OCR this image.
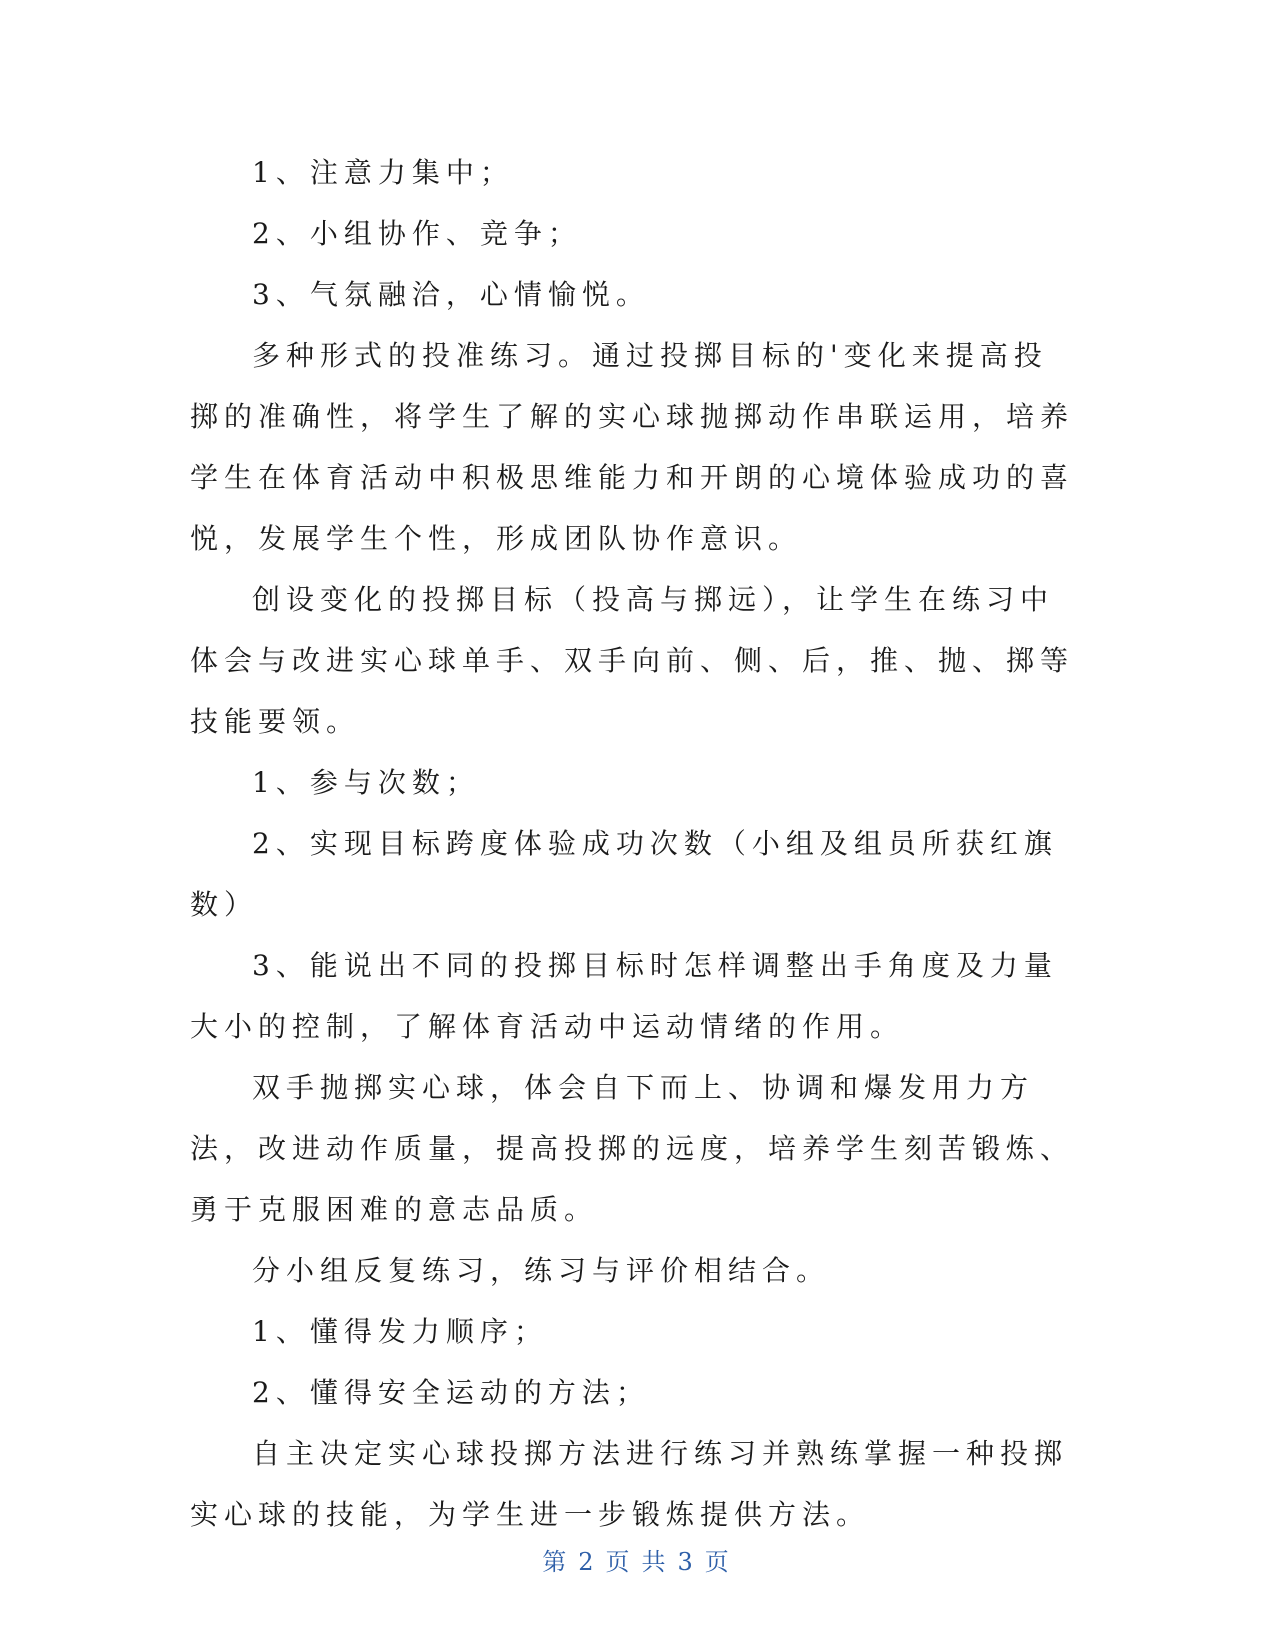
1、注意力集中；

2、小组协作、竞争；

3、气氛融洽，心情愉悦。

多种形式的投准练习。通过投掷目标的'变化来提高投掷的准确性，将学生了解的实心球抛掷动作串联运用，培养学生在体育活动中积极思维能力和开朗的心境体验成功的喜悦，发展学生个性，形成团队协作意识。

创设变化的投掷目标（投高与掷远），让学生在练习中体会与改进实心球单手、双手向前、侧、后，推、抛、掷等技能要领。

1、参与次数；

2、实现目标跨度体验成功次数（小组及组员所获红旗数）

3、能说出不同的投掷目标时怎样调整出手角度及力量大小的控制，了解体育活动中运动情绪的作用。

双手抛掷实心球，体会自下而上、协调和爆发用力方法，改进动作质量，提高投掷的远度，培养学生刻苦锻炼、勇于克服困难的意志品质。

分小组反复练习，练习与评价相结合。

1、懂得发力顺序；

2、懂得安全运动的方法；

自主决定实心球投掷方法进行练习并熟练掌握一种投掷实心球的技能，为学生进一步锻炼提供方法。

第 2 页 共 3 页
